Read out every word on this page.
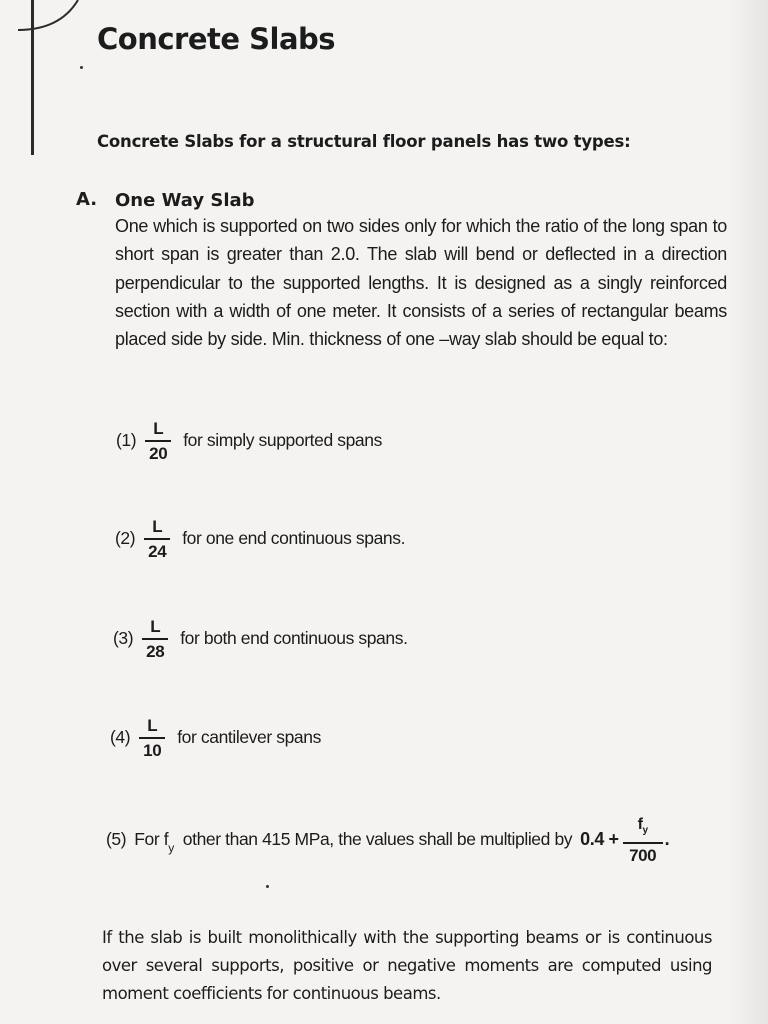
Concrete Slabs

Concrete Slabs for a structural floor panels has two types:

A. One Way Slab

One which is supported on two sides only for which the ratio of the long span to short span is greater than 2.0. The slab will bend or deflected in a direction perpendicular to the supported lengths. It is designed as a singly reinforced section with a width of one meter. It consists of a series of rectangular beams placed side by side. Min. thickness of one –way slab should be equal to:

$(1) \frac{L}{20}$ for simply supported spans
$(2) \frac{L}{24}$ for one end continuous spans.
$(3) \frac{L}{28}$ for both end continuous spans.
$(4) \frac{L}{10}$ for cantilever spans
(5) For f y other than 415 MPa, the values shall be multiplied by $0.4 + \frac{f_y}{700}$ .

If the slab is built monolithically with the supporting beams or is continuous over several supports, positive or negative moments are computed using moment coefficients for continuous beams.
